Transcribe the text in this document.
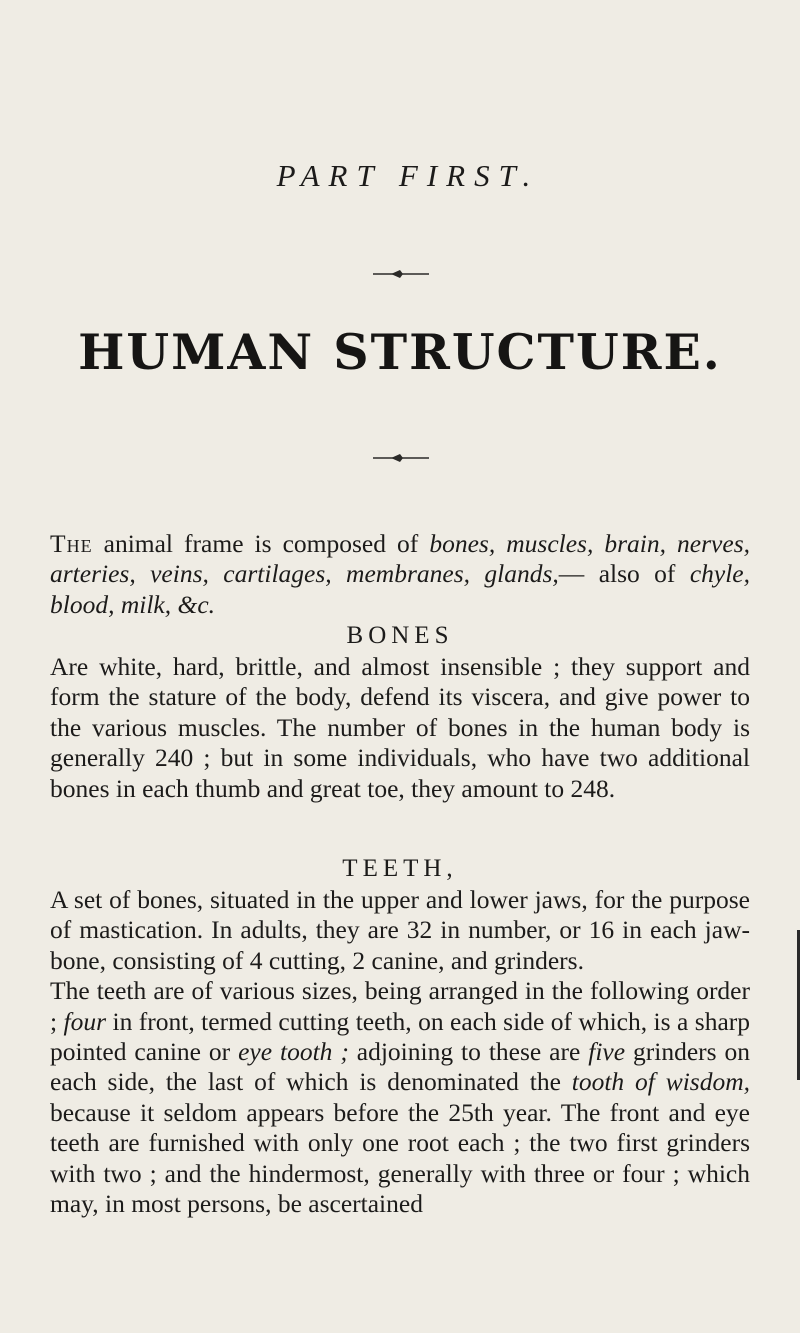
PART FIRST.
HUMAN STRUCTURE.
The animal frame is composed of bones, muscles, brain, nerves, arteries, veins, cartilages, membranes, glands,— also of chyle, blood, milk, &c.
BONES

Are white, hard, brittle, and almost insensible ; they support and form the stature of the body, defend its viscera, and give power to the various muscles. The number of bones in the human body is generally 240 ; but in some individuals, who have two additional bones in each thumb and great toe, they amount to 248.

TEETH,

A set of bones, situated in the upper and lower jaws, for the purpose of mastication. In adults, they are 32 in number, or 16 in each jaw-bone, consisting of 4 cutting, 2 canine, and grinders.

The teeth are of various sizes, being arranged in the following order ; four in front, termed cutting teeth, on each side of which, is a sharp pointed canine or eye tooth ; adjoining to these are five grinders on each side, the last of which is denominated the tooth of wisdom, because it seldom appears before the 25th year. The front and eye teeth are furnished with only one root each ; the two first grinders with two ; and the hindermost, generally with three or four ; which may, in most persons, be ascertained
